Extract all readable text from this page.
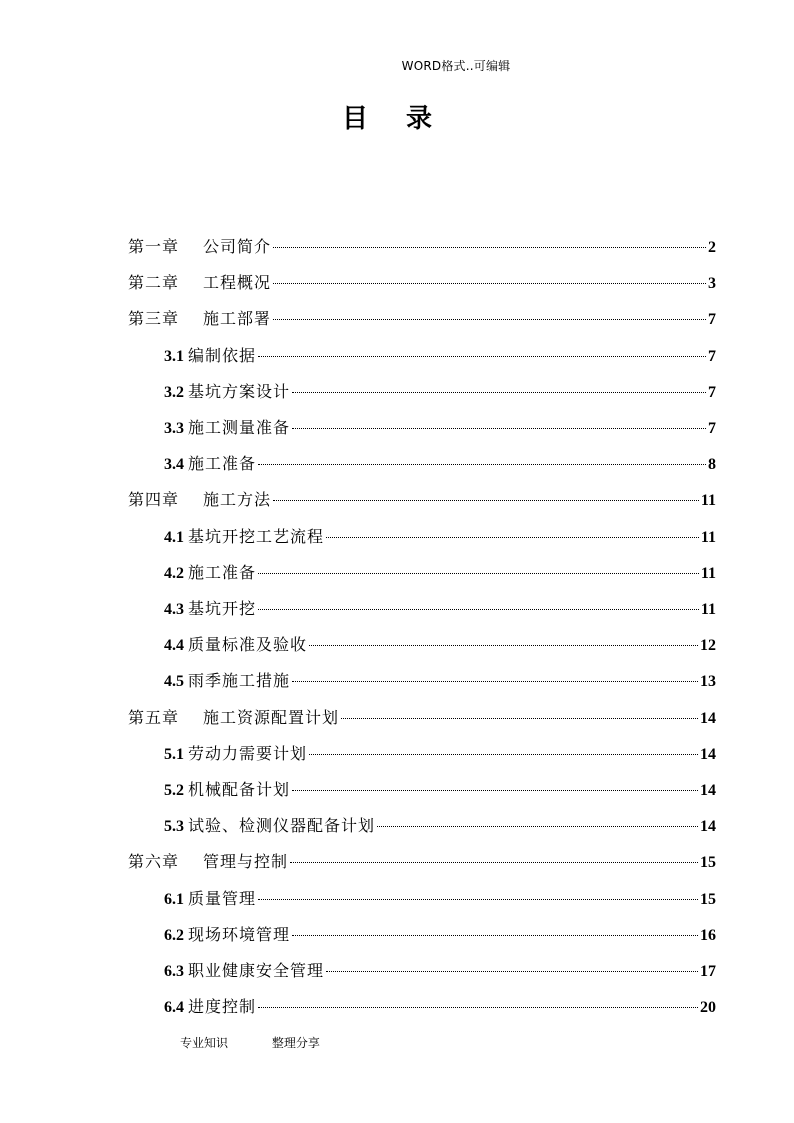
WORD格式..可编辑
目录
第一章	公司简介	2
第二章	工程概况	3
第三章	施工部署	7
3.1 编制依据	7
3.2 基坑方案设计	7
3.3 施工测量准备	7
3.4 施工准备	8
第四章	施工方法	11
4.1 基坑开挖工艺流程	11
4.2 施工准备	11
4.3 基坑开挖	11
4.4 质量标准及验收	12
4.5 雨季施工措施	13
第五章	施工资源配置计划	14
5.1 劳动力需要计划	14
5.2 机械配备计划	14
5.3 试验、检测仪器配备计划	14
第六章	管理与控制	15
6.1 质量管理	15
6.2 现场环境管理	16
6.3 职业健康安全管理	17
6.4 进度控制	20
专业知识	整理分享
